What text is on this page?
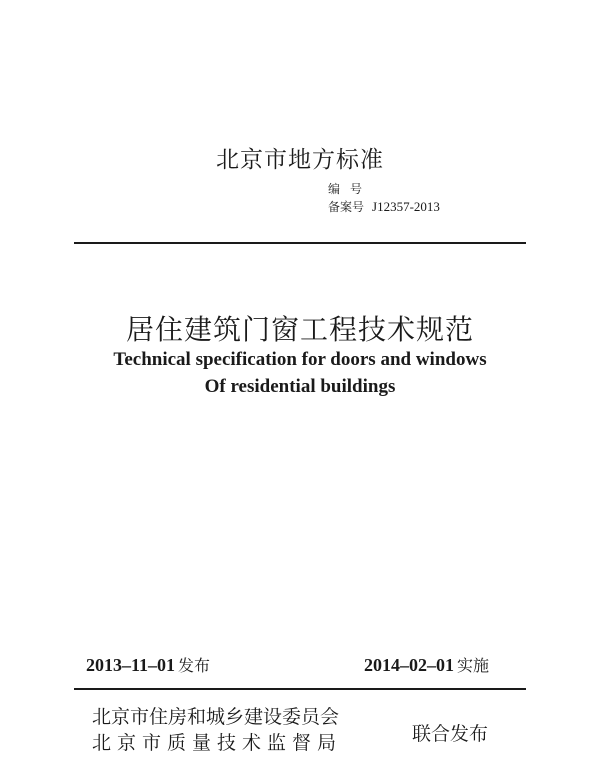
北京市地方标准
编号
备案号 J12357-2013
居住建筑门窗工程技术规范
Technical specification for doors and windows
Of residential buildings
2013–11–01 发布	2014–02–01 实施
北京市住房和城乡建设委员会
北京市质量技术监督局	联合发布
